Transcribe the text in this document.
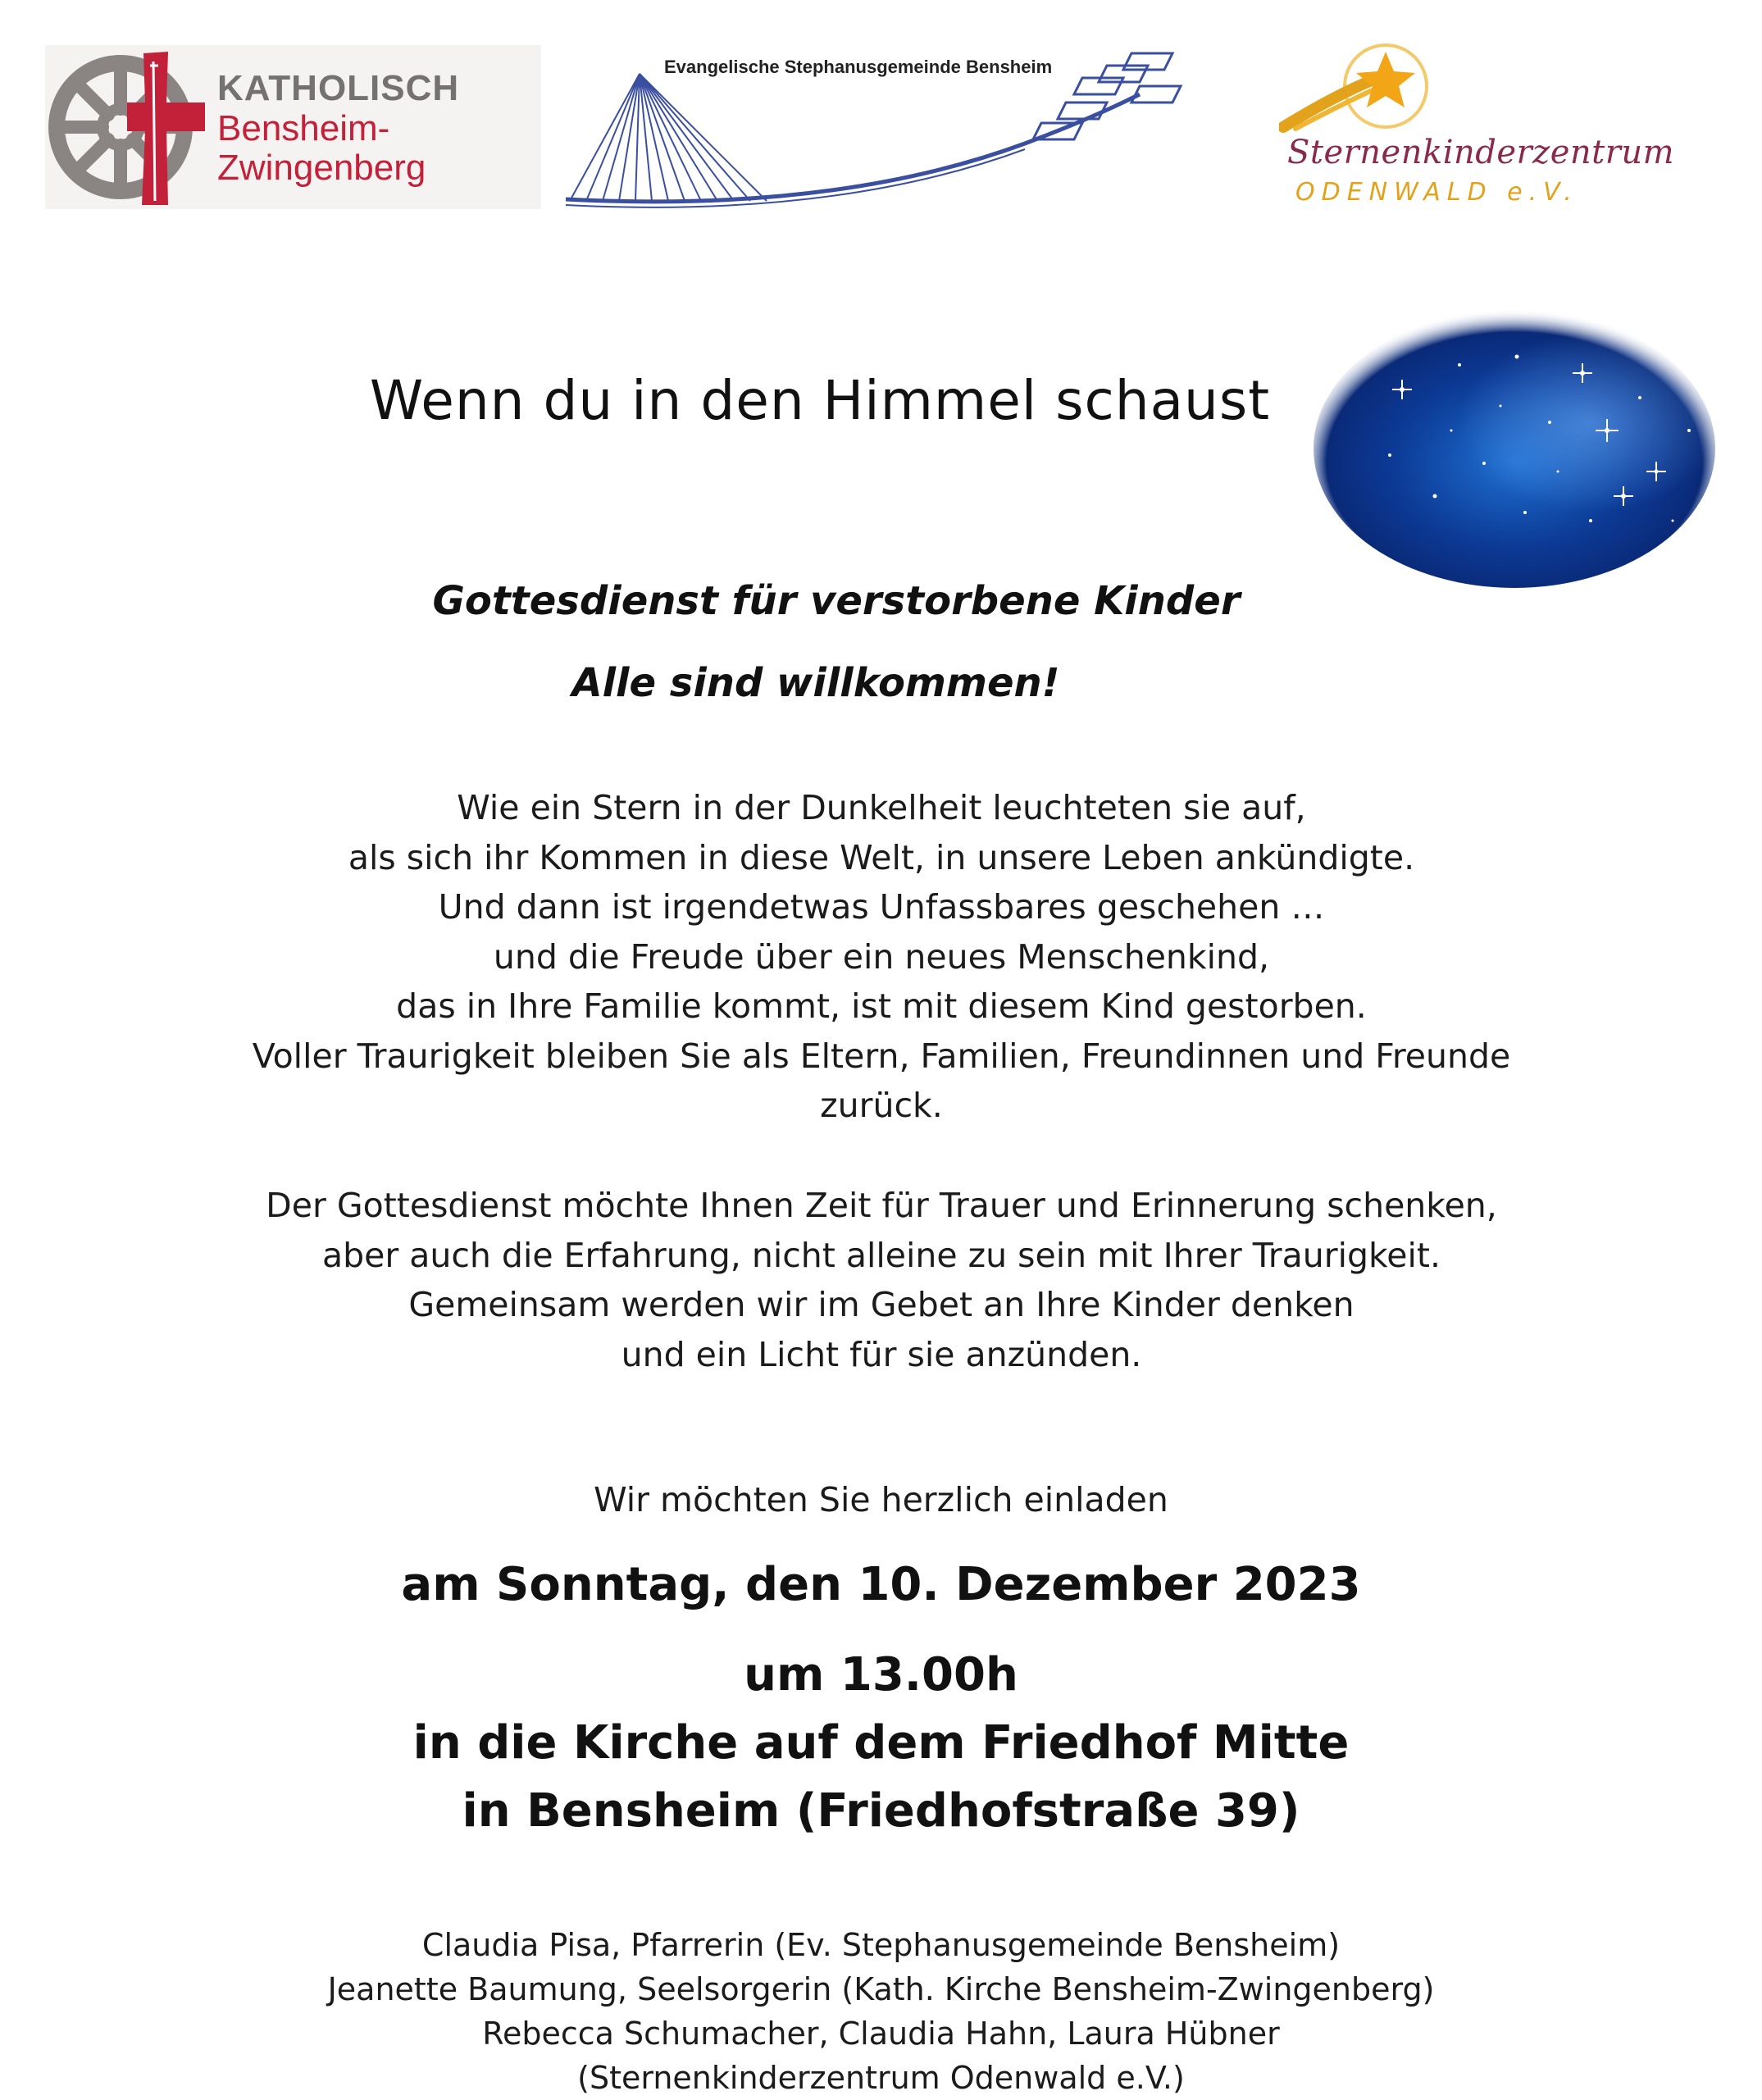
KATHOLISCH
Bensheim-
Zwingenberg
Evangelische Stephanusgemeinde Bensheim
Sternenkinderzentrum
ODENWALD e.V.
Wenn du in den Himmel schaust
Gottesdienst für verstorbene Kinder
Alle sind willkommen!
Wie ein Stern in der Dunkelheit leuchteten sie auf,
als sich ihr Kommen in diese Welt, in unsere Leben ankündigte.
Und dann ist irgendetwas Unfassbares geschehen …
und die Freude über ein neues Menschenkind,
das in Ihre Familie kommt, ist mit diesem Kind gestorben.
Voller Traurigkeit bleiben Sie als Eltern, Familien, Freundinnen und Freunde
zurück.
Der Gottesdienst möchte Ihnen Zeit für Trauer und Erinnerung schenken,
aber auch die Erfahrung, nicht alleine zu sein mit Ihrer Traurigkeit.
Gemeinsam werden wir im Gebet an Ihre Kinder denken
und ein Licht für sie anzünden.
Wir möchten Sie herzlich einladen
am Sonntag, den 10. Dezember 2023
um 13.00h
in die Kirche auf dem Friedhof Mitte
in Bensheim (Friedhofstraße 39)
Claudia Pisa, Pfarrerin (Ev. Stephanusgemeinde Bensheim)
Jeanette Baumung, Seelsorgerin (Kath. Kirche Bensheim-Zwingenberg)
Rebecca Schumacher, Claudia Hahn, Laura Hübner
(Sternenkinderzentrum Odenwald e.V.)
